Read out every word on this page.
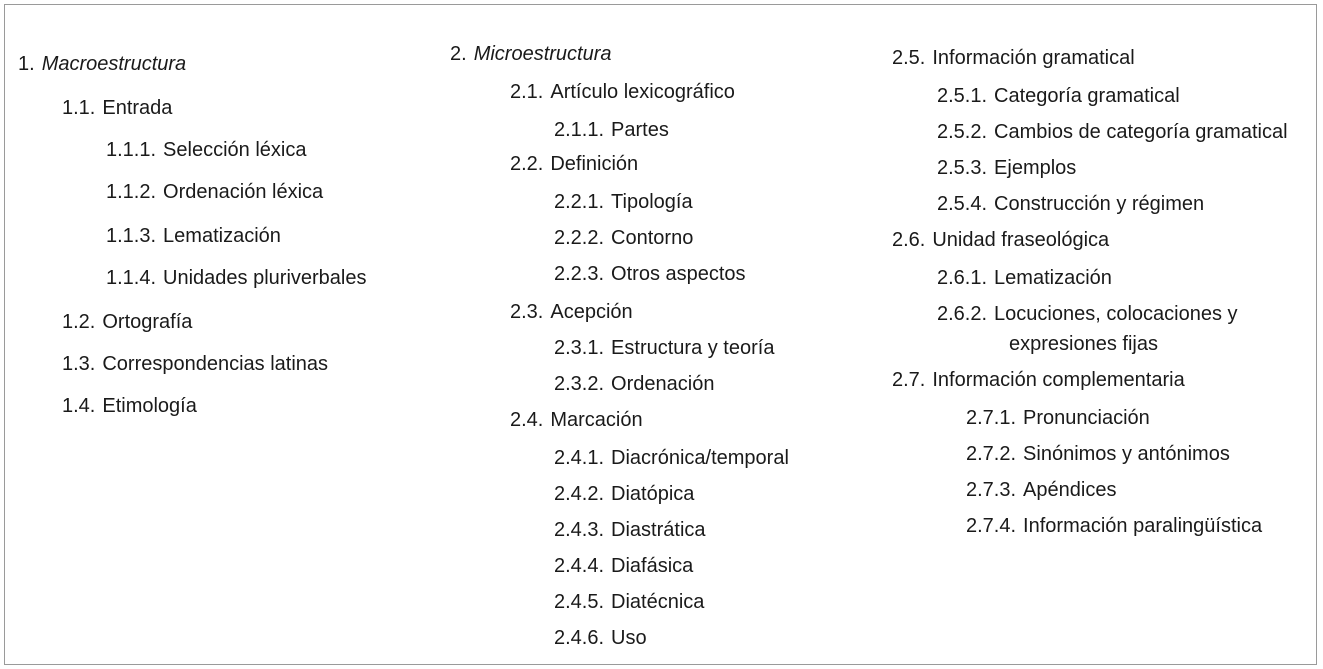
1. Macroestructura
1.1. Entrada
1.1.1. Selección léxica
1.1.2. Ordenación léxica
1.1.3. Lematización
1.1.4. Unidades pluriverbales
1.2. Ortografía
1.3. Correspondencias latinas
1.4. Etimología
2. Microestructura
2.1. Artículo lexicográfico
2.1.1. Partes
2.2. Definición
2.2.1. Tipología
2.2.2. Contorno
2.2.3. Otros aspectos
2.3. Acepción
2.3.1. Estructura y teoría
2.3.2. Ordenación
2.4. Marcación
2.4.1. Diacrónica/temporal
2.4.2. Diatópica
2.4.3. Diastrática
2.4.4. Diafásica
2.4.5. Diatécnica
2.4.6. Uso
2.5. Información gramatical
2.5.1. Categoría gramatical
2.5.2. Cambios de categoría gramatical
2.5.3. Ejemplos
2.5.4. Construcción y régimen
2.6. Unidad fraseológica
2.6.1. Lematización
2.6.2. Locuciones, colocaciones y
expresiones fijas
2.7. Información complementaria
2.7.1. Pronunciación
2.7.2. Sinónimos y antónimos
2.7.3. Apéndices
2.7.4. Información paralingüística
